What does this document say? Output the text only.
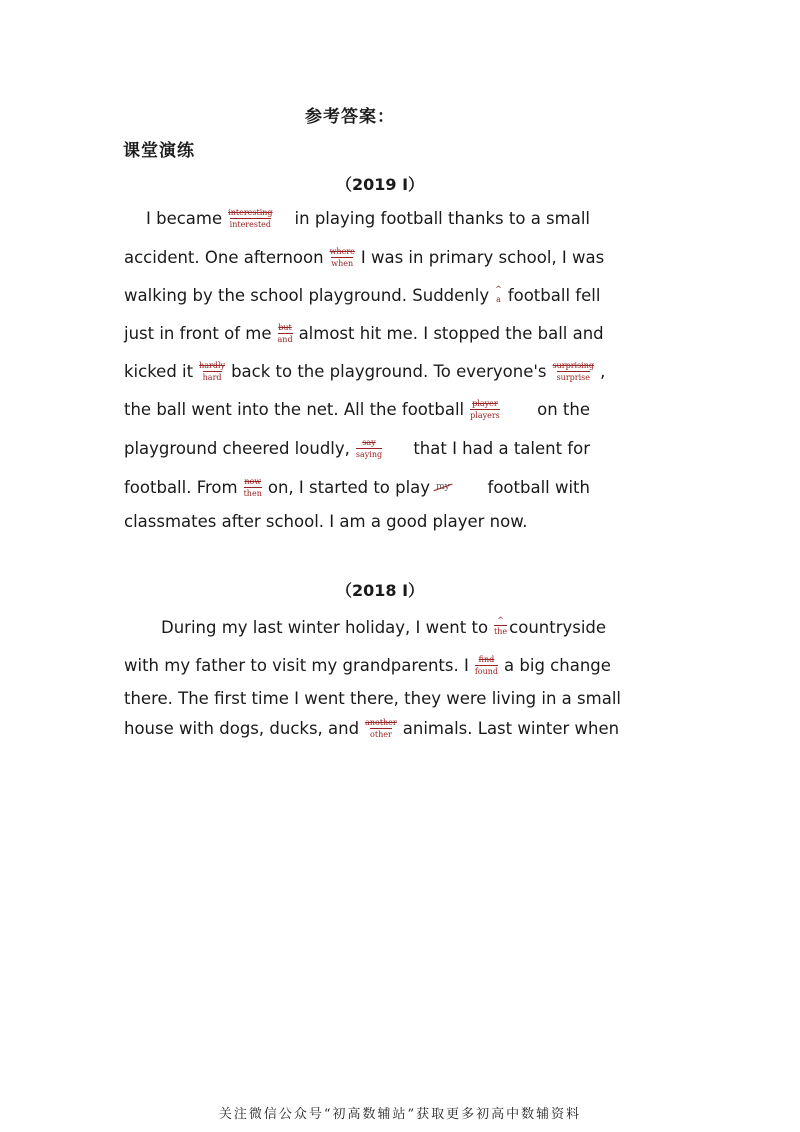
参考答案：
课堂演练
（2019 Ⅰ）
I became interesting
interested in playing football thanks to a small
accident. One afternoon where
when I was in primary school, I was
walking by the school playground. Suddenly ^
a football fell
just in front of me but
and almost hit me. I stopped the ball and
kicked it hardly
hard back to the playground. To everyone's surprising
surprise ,
the ball went into the net. All the football player
players on the
playground cheered loudly, say
saying that I had a talent for
football. From now
then on, I started to play my football with
classmates after school. I am a good player now.
（2018 Ⅰ）
During my last winter holiday, I went to ^
the countryside
with my father to visit my grandparents. I find
found a big change
there. The first time I went there, they were living in a small
house with dogs, ducks, and another
other animals. Last winter when
关注微信公众号“初高数辅站”获取更多初高中数辅资料
